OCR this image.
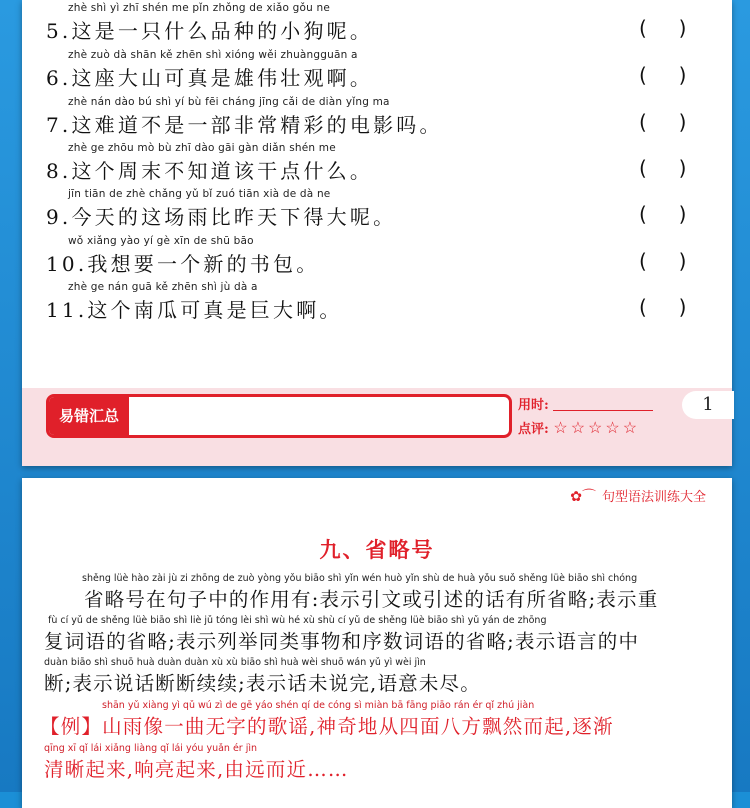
zhè shì yì zhī shén me pǐn zhǒng de xiǎo gǒu ne
5.这是一只什么品种的小狗呢。	(     )
zhè zuò dà shān kě zhēn shì xióng wěi zhuàngguān a
6.这座大山可真是雄伟壮观啊。	(     )
zhè nán dào bú shì yí bù fēi cháng jīng cǎi de diàn yǐng ma
7.这难道不是一部非常精彩的电影吗。	(     )
zhè ge zhōu mò bù zhī dào gāi gàn diǎn shén me
8.这个周末不知道该干点什么。	(     )
jīn tiān de zhè chǎng yǔ bǐ zuó tiān xià de dà ne
9.今天的这场雨比昨天下得大呢。	(     )
wǒ xiǎng yào yí gè xīn de shū bāo
10.我想要一个新的书包。	(     )
zhè ge nán guā kě zhēn shì jù dà a
11.这个南瓜可真是巨大啊。	(     )
易错汇总
用时:
点评: ☆☆☆☆☆
1
✿⌒ 句型语法训练大全
九、省略号
shěng lüè hào zài jù zi zhōng de zuò yòng yǒu biāo shì yǐn wén huò yǐn shù de huà yǒu suǒ shěng lüè biāo shì chóng
省略号在句子中的作用有:表示引文或引述的话有所省略;表示重
fù cí yǔ de shěng lüè biāo shì liè jǔ tóng lèi shì wù hé xù shù cí yǔ de shěng lüè biāo shì yǔ yán de zhōng
复词语的省略;表示列举同类事物和序数词语的省略;表示语言的中
duàn biāo shì shuō huà duàn duàn xù xù biāo shì huà wèi shuō wán yǔ yì wèi jìn
断;表示说话断断续续;表示话未说完,语意未尽。
shān yǔ xiàng yì qǔ wú zì de gē yáo shén qí de cóng sì miàn bā fāng piāo rán ér qǐ zhú jiàn
【例】山雨像一曲无字的歌谣,神奇地从四面八方飘然而起,逐渐
qīng xī qǐ lái xiǎng liàng qǐ lái yóu yuǎn ér jìn
清晰起来,响亮起来,由远而近……
